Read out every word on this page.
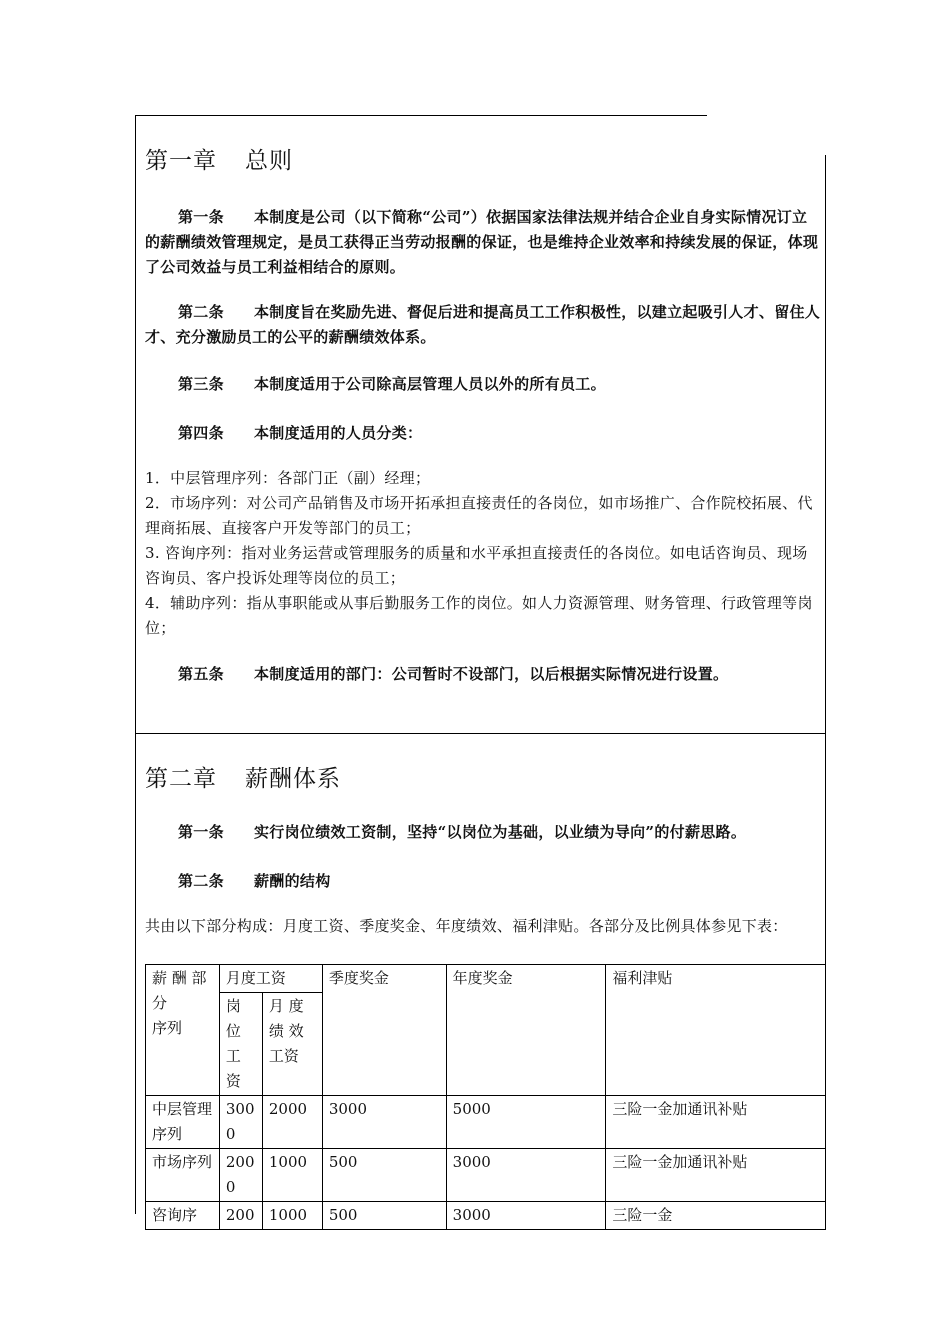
第一章 总则

第一条 本制度是公司（以下简称“公司”）依据国家法律法规并结合企业自身实际情况订立的薪酬绩效管理规定，是员工获得正当劳动报酬的保证，也是维持企业效率和持续发展的保证，体现了公司效益与员工利益相结合的原则。

第二条 本制度旨在奖励先进、督促后进和提高员工工作积极性，以建立起吸引人才、留住人才、充分激励员工的公平的薪酬绩效体系。

第三条 本制度适用于公司除高层管理人员以外的所有员工。

第四条 本制度适用的人员分类：

1．中层管理序列：各部门正（副）经理；

2．市场序列：对公司产品销售及市场开拓承担直接责任的各岗位，如市场推广、合作院校拓展、代理商拓展、直接客户开发等部门的员工；

3. 咨询序列：指对业务运营或管理服务的质量和水平承担直接责任的各岗位。如电话咨询员、现场咨询员、客户投诉处理等岗位的员工；

4．辅助序列：指从事职能或从事后勤服务工作的岗位。如人力资源管理、财务管理、行政管理等岗位；

第五条 本制度适用的部门：公司暂时不设部门，以后根据实际情况进行设置。

第二章 薪酬体系

第一条 实行岗位绩效工资制，坚持“以岗位为基础，以业绩为导向”的付薪思路。

第二条 薪酬的结构

共由以下部分构成：月度工资、季度奖金、年度绩效、福利津贴。各部分及比例具体参见下表：

薪 酬 部
分
序列	月度工资		季度奖金	年度奖金	福利津贴
	岗位工资	月 度 绩 效 工资			
中层管理序列	3000	2000	3000	5000	三险一金加通讯补贴
市场序列	2000	1000	500	3000	三险一金加通讯补贴
咨询序	200	1000	500	3000	三险一金
